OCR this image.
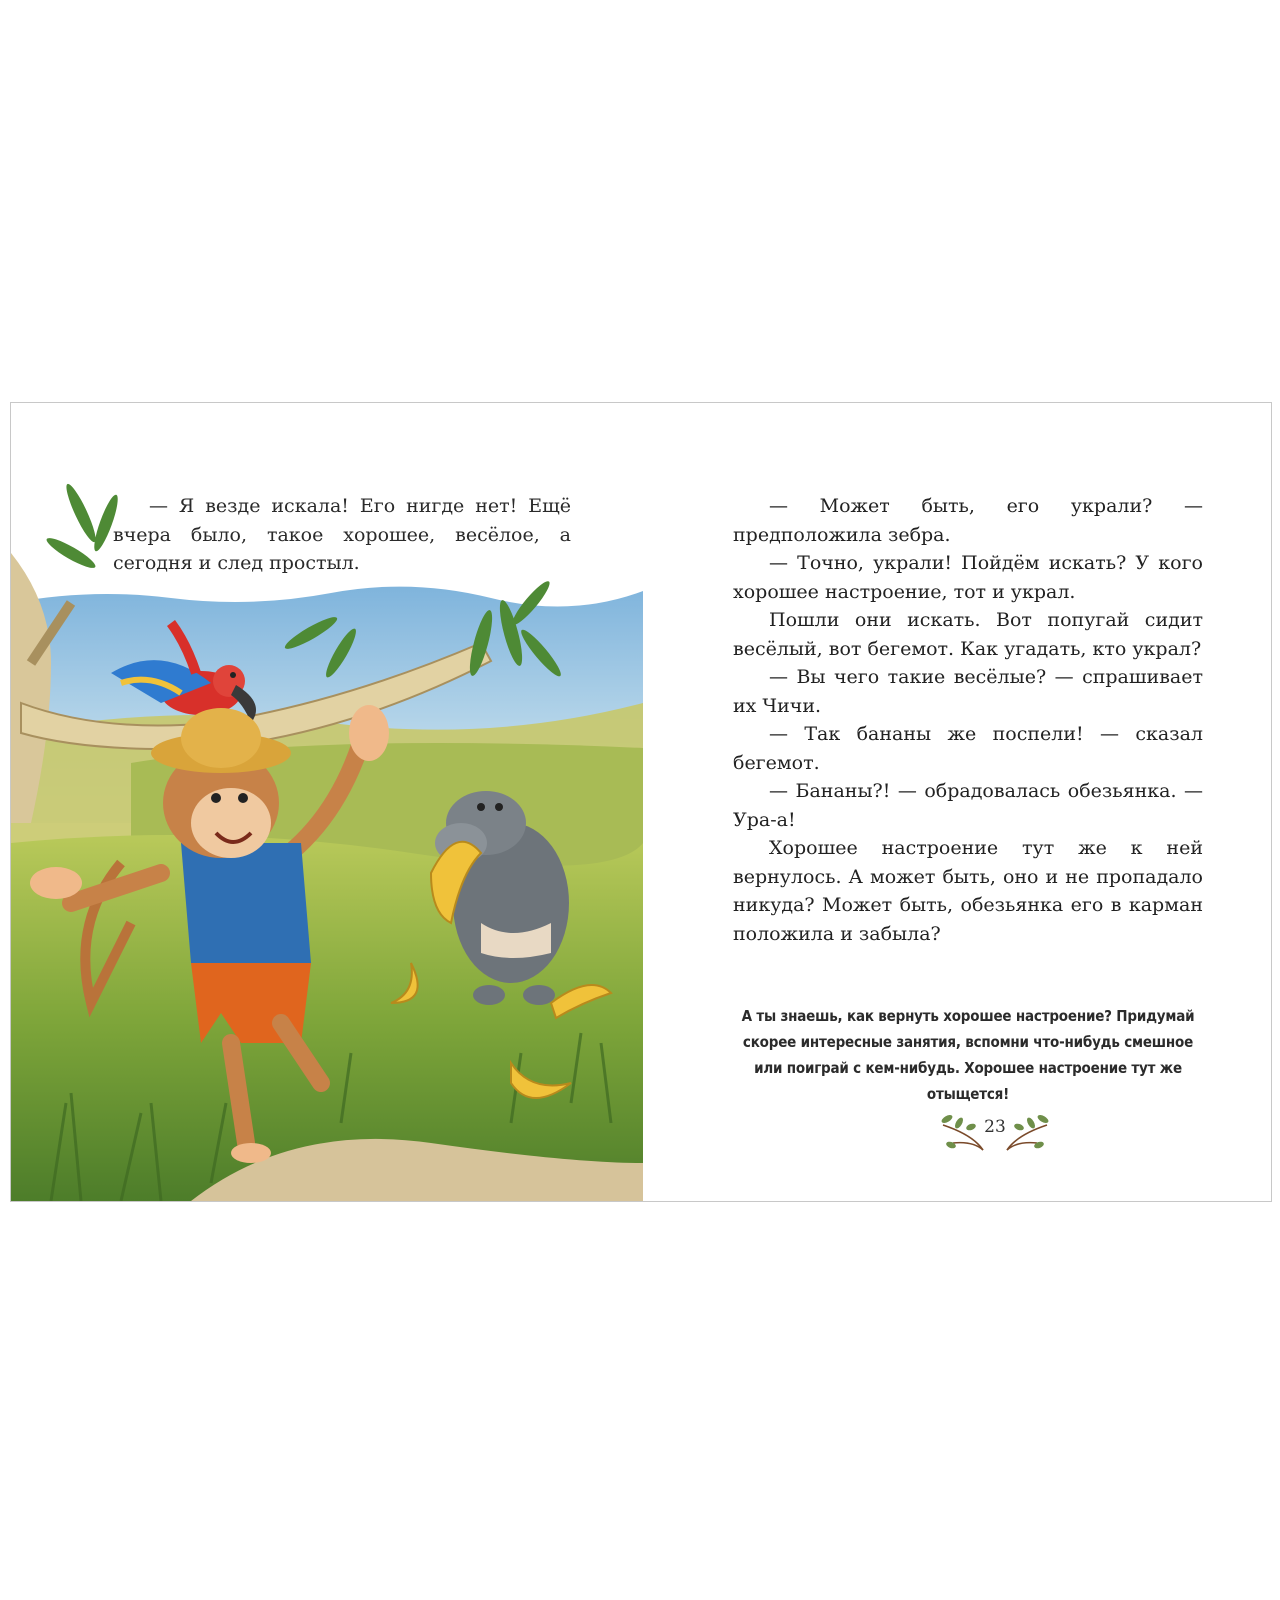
— Я везде искала! Его нигде нет! Ещё вчера было, такое хорошее, весёлое, а сегодня и след простыл.

— Может быть, его украли? — предположила зебра.

— Точно, украли! Пойдём искать? У кого хорошее настроение, тот и украл.

Пошли они искать. Вот попугай сидит весёлый, вот бегемот. Как угадать, кто украл?

— Вы чего такие весёлые? — спрашивает их Чичи.

— Так бананы же поспели! — сказал бегемот.

— Бананы?! — обрадовалась обезьянка. — Ура-а!

Хорошее настроение тут же к ней вернулось. А может быть, оно и не пропадало никуда? Может быть, обезьянка его в карман положила и забыла?

А ты знаешь, как вернуть хорошее настроение? Придумай скорее интересные занятия, вспомни что-нибудь смешное или поиграй с кем-нибудь. Хорошее настроение тут же отыщется!
23
